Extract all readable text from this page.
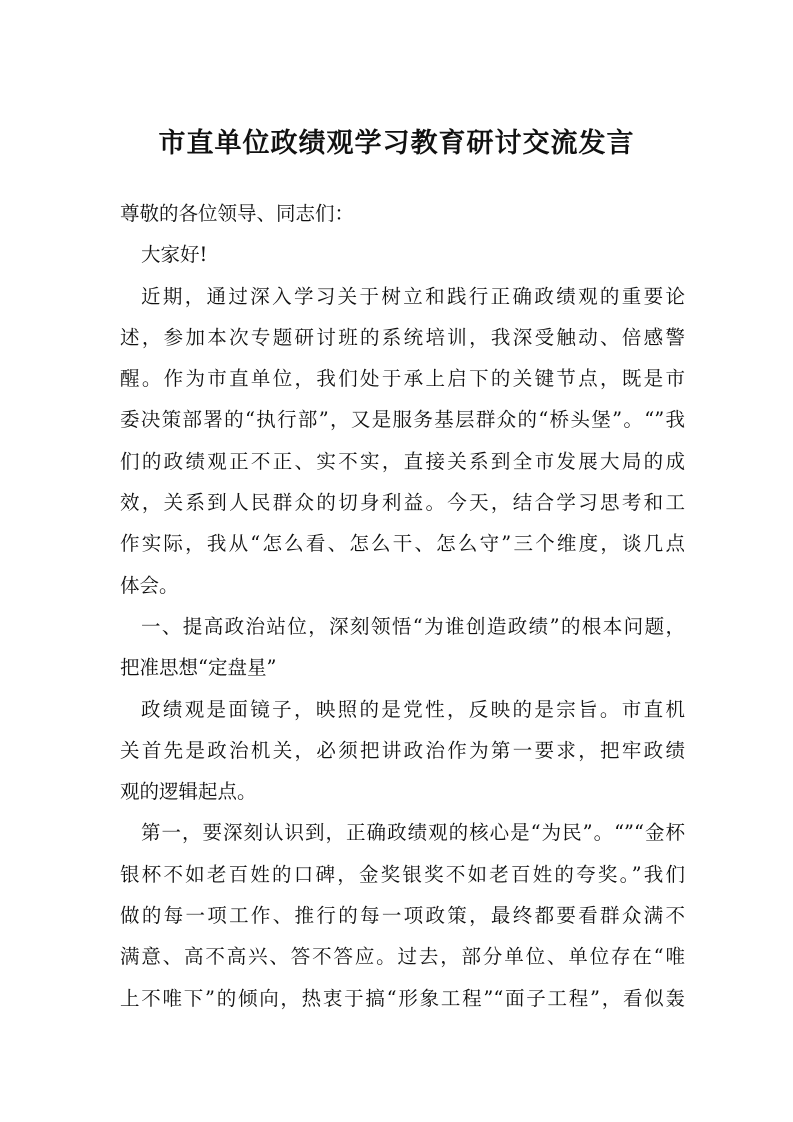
市直单位政绩观学习教育研讨交流发言

尊敬的各位领导、同志们：

大家好!

近期，通过深入学习关于树立和践行正确政绩观的重要论
述，参加本次专题研讨班的系统培训，我深受触动、倍感警
醒。作为市直单位，我们处于承上启下的关键节点，既是市
委决策部署的“执行部”，又是服务基层群众的“桥头堡”。“”我
们的政绩观正不正、实不实，直接关系到全市发展大局的成
效，关系到人民群众的切身利益。今天，结合学习思考和工
作实际，我从“怎么看、怎么干、怎么守”三个维度，谈几点
体会。

一、提高政治站位，深刻领悟“为谁创造政绩”的根本问题，
把准思想“定盘星”

政绩观是面镜子，映照的是党性，反映的是宗旨。市直机
关首先是政治机关，必须把讲政治作为第一要求，把牢政绩
观的逻辑起点。

第一，要深刻认识到，正确政绩观的核心是“为民”。“”“金杯
银杯不如老百姓的口碑，金奖银奖不如老百姓的夸奖。”我们
做的每一项工作、推行的每一项政策，最终都要看群众满不
满意、高不高兴、答不答应。过去，部分单位、单位存在“唯
上不唯下”的倾向，热衷于搞“形象工程”“面子工程”，看似轰
